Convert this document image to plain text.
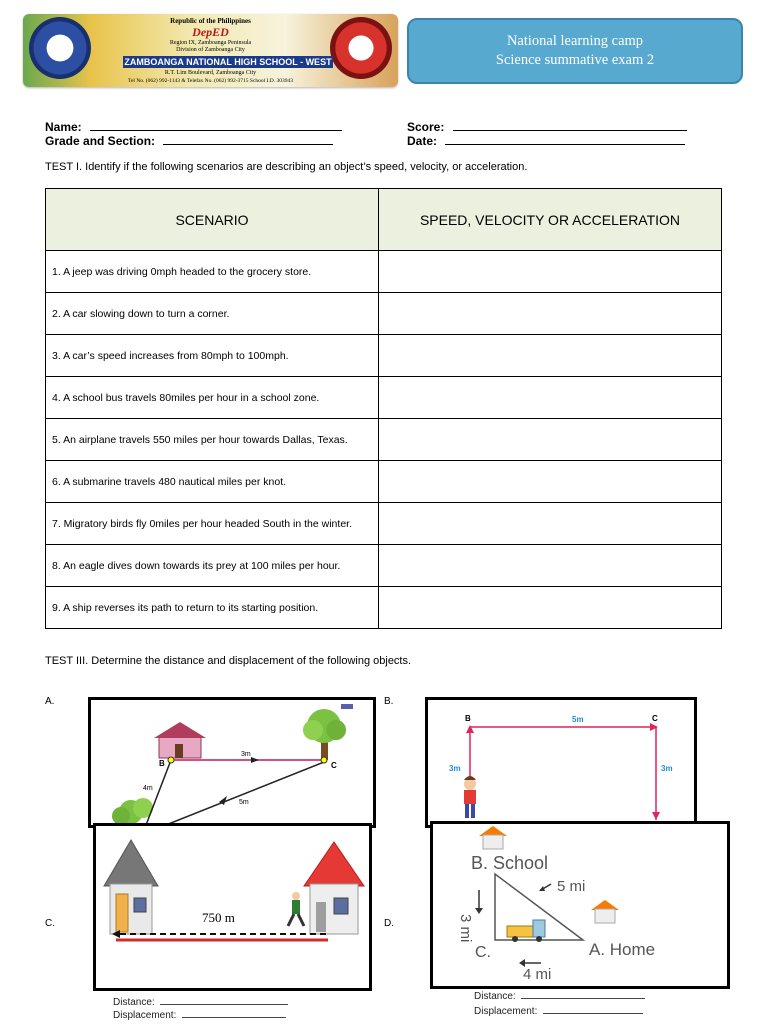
Republic of the Philippines
DepED
Region IX, Zamboanga Peninsula
Division of Zamboanga City
ZAMBOANGA NATIONAL HIGH SCHOOL - WEST
R.T. Lim Boulevard, Zamboanga City
Tel No. (062) 992-1143 & Telefax No. (062) 992-3715 School I.D. 303943
National learning camp
Science summative exam 2
Name:
Grade and Section:
Score:
Date:
TEST I. Identify if the following scenarios are describing an object’s speed, velocity, or acceleration.
SCENARIO	SPEED, VELOCITY OR ACCELERATION
1. A jeep was driving 0mph headed to the grocery store.	
2. A car slowing down to turn a corner.	
3. A car’s speed increases from 80mph to 100mph.	
4. A school bus travels 80miles per hour in a school zone.	
5. An airplane travels 550 miles per hour towards Dallas, Texas.	
6. A submarine travels 480 nautical miles per knot.	
7. Migratory birds fly 0miles per hour headed South in the winter.	
8. An eagle dives down towards its prey at 100 miles per hour.	
9. A ship reverses its path to return to its starting position.	
TEST III. Determine the distance and displacement of the following objects.
A.	B.
C.	D.
B	C
3m
4m
5m
B	C
5m
3m	3m
750 m
B. School
A. Home
C.
5 mi
3 mi
4 mi
Distance:
Displacement:
Distance:
Displacement:
